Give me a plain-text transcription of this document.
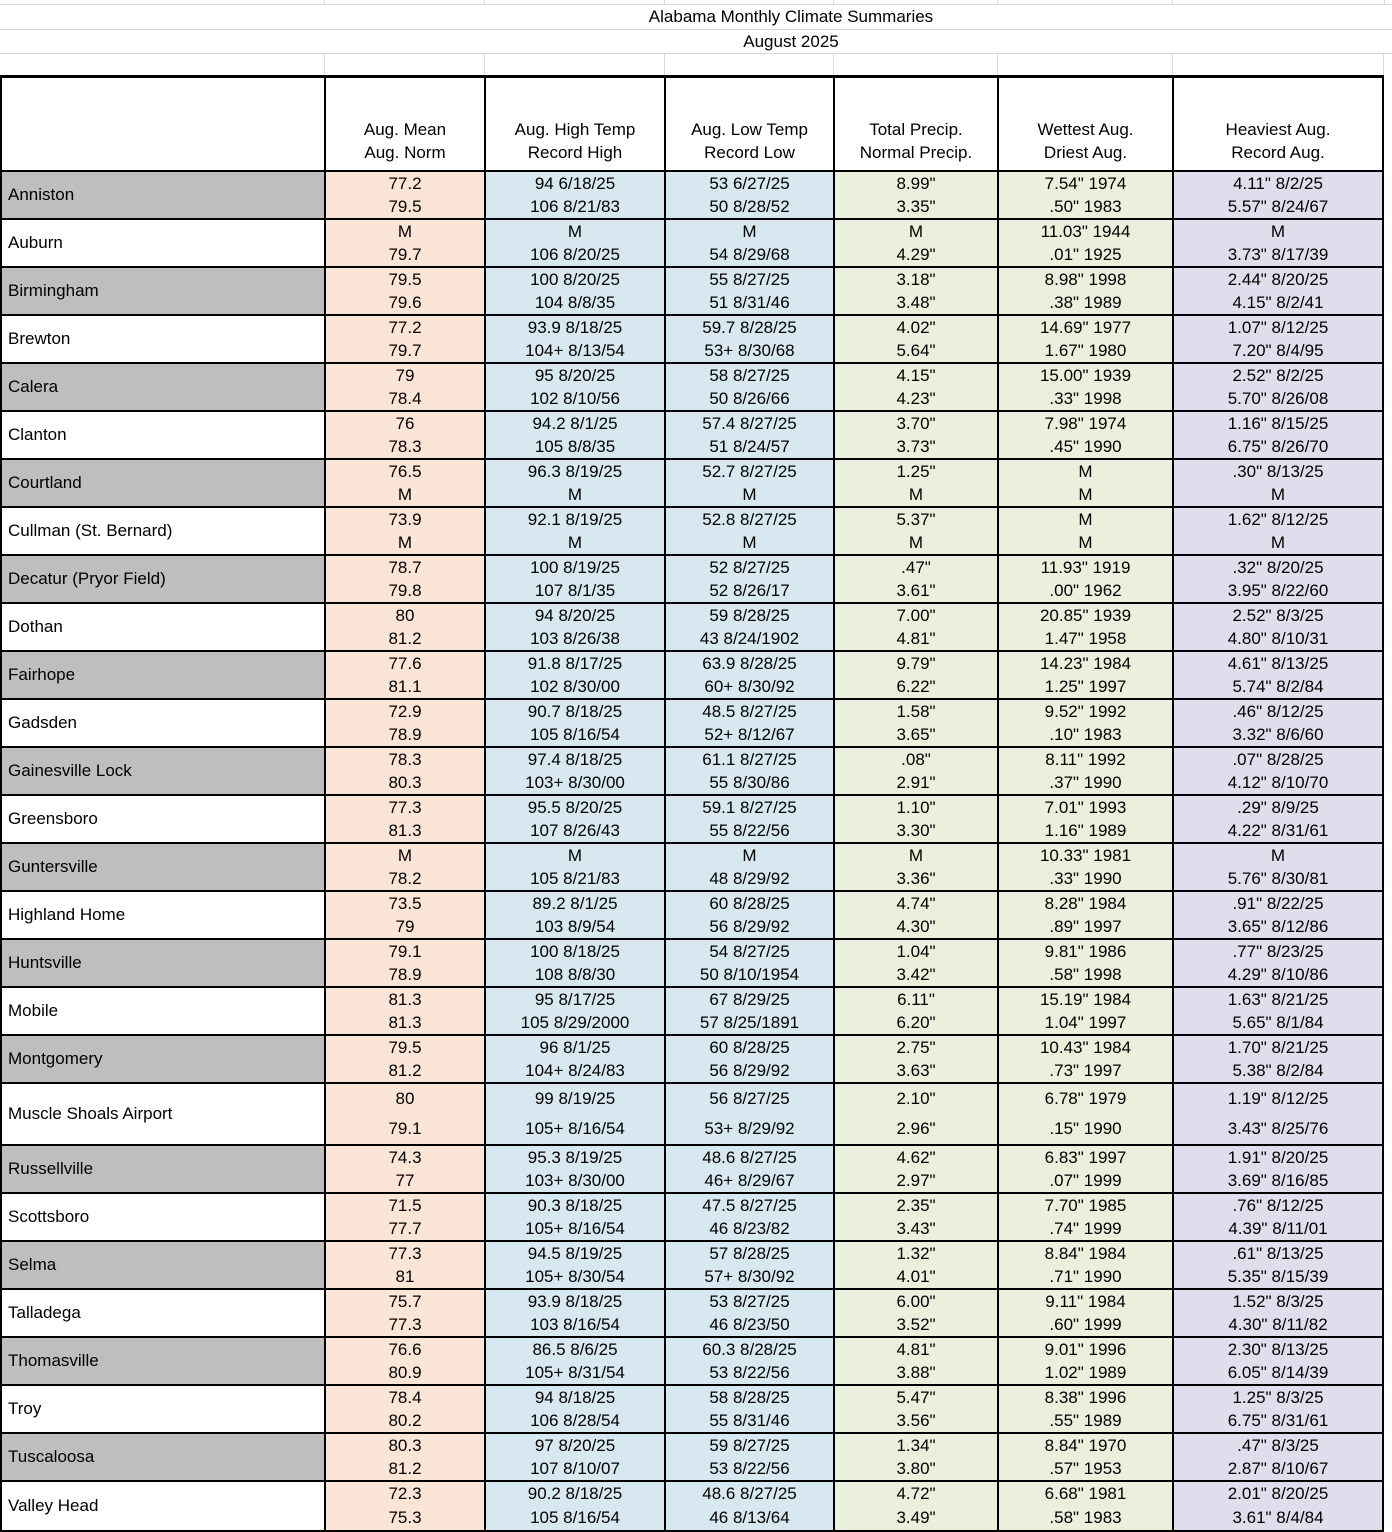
Alabama Monthly Climate Summaries
August 2025
Aug. Mean
Aug. Norm
Aug. High Temp
Record High
Aug. Low Temp
Record Low
Total Precip.
Normal Precip.
Wettest Aug.
Driest Aug.
Heaviest Aug.
Record Aug.
Anniston
77.2
79.5
94 6/18/25
106 8/21/83
53 6/27/25
50 8/28/52
8.99"
3.35"
7.54" 1974
.50" 1983
4.11" 8/2/25
5.57" 8/24/67
Auburn
M
79.7
M
106 8/20/25
M
54 8/29/68
M
4.29"
11.03" 1944
.01" 1925
M
3.73" 8/17/39
Birmingham
79.5
79.6
100 8/20/25
104 8/8/35
55 8/27/25
51 8/31/46
3.18"
3.48"
8.98" 1998
.38" 1989
2.44" 8/20/25
4.15" 8/2/41
Brewton
77.2
79.7
93.9 8/18/25
104+ 8/13/54
59.7 8/28/25
53+ 8/30/68
4.02"
5.64"
14.69" 1977
1.67" 1980
1.07" 8/12/25
7.20" 8/4/95
Calera
79
78.4
95 8/20/25
102 8/10/56
58 8/27/25
50 8/26/66
4.15"
4.23"
15.00" 1939
.33" 1998
2.52" 8/2/25
5.70" 8/26/08
Clanton
76
78.3
94.2 8/1/25
105 8/8/35
57.4 8/27/25
51 8/24/57
3.70"
3.73"
7.98" 1974
.45" 1990
1.16" 8/15/25
6.75" 8/26/70
Courtland
76.5
M
96.3 8/19/25
M
52.7 8/27/25
M
1.25"
M
M
M
.30" 8/13/25
M
Cullman (St. Bernard)
73.9
M
92.1 8/19/25
M
52.8 8/27/25
M
5.37"
M
M
M
1.62" 8/12/25
M
Decatur (Pryor Field)
78.7
79.8
100 8/19/25
107 8/1/35
52 8/27/25
52 8/26/17
.47"
3.61"
11.93" 1919
.00" 1962
.32" 8/20/25
3.95" 8/22/60
Dothan
80
81.2
94 8/20/25
103 8/26/38
59 8/28/25
43 8/24/1902
7.00"
4.81"
20.85" 1939
1.47" 1958
2.52" 8/3/25
4.80" 8/10/31
Fairhope
77.6
81.1
91.8 8/17/25
102 8/30/00
63.9 8/28/25
60+ 8/30/92
9.79"
6.22"
14.23" 1984
1.25" 1997
4.61" 8/13/25
5.74" 8/2/84
Gadsden
72.9
78.9
90.7 8/18/25
105 8/16/54
48.5 8/27/25
52+ 8/12/67
1.58"
3.65"
9.52" 1992
.10" 1983
.46" 8/12/25
3.32" 8/6/60
Gainesville Lock
78.3
80.3
97.4 8/18/25
103+ 8/30/00
61.1 8/27/25
55 8/30/86
.08"
2.91"
8.11" 1992
.37" 1990
.07" 8/28/25
4.12" 8/10/70
Greensboro
77.3
81.3
95.5 8/20/25
107 8/26/43
59.1 8/27/25
55 8/22/56
1.10"
3.30"
7.01" 1993
1.16" 1989
.29" 8/9/25
4.22" 8/31/61
Guntersville
M
78.2
M
105 8/21/83
M
48 8/29/92
M
3.36"
10.33" 1981
.33" 1990
M
5.76" 8/30/81
Highland Home
73.5
79
89.2 8/1/25
103 8/9/54
60 8/28/25
56 8/29/92
4.74"
4.30"
8.28" 1984
.89" 1997
.91" 8/22/25
3.65" 8/12/86
Huntsville
79.1
78.9
100 8/18/25
108 8/8/30
54 8/27/25
50 8/10/1954
1.04"
3.42"
9.81" 1986
.58" 1998
.77" 8/23/25
4.29" 8/10/86
Mobile
81.3
81.3
95 8/17/25
105 8/29/2000
67 8/29/25
57 8/25/1891
6.11"
6.20"
15.19" 1984
1.04" 1997
1.63" 8/21/25
5.65" 8/1/84
Montgomery
79.5
81.2
96 8/1/25
104+ 8/24/83
60 8/28/25
56 8/29/92
2.75"
3.63"
10.43" 1984
.73" 1997
1.70" 8/21/25
5.38" 8/2/84
Muscle Shoals Airport
80
79.1
99 8/19/25
105+ 8/16/54
56 8/27/25
53+ 8/29/92
2.10"
2.96"
6.78" 1979
.15" 1990
1.19" 8/12/25
3.43" 8/25/76
Russellville
74.3
77
95.3 8/19/25
103+ 8/30/00
48.6 8/27/25
46+ 8/29/67
4.62"
2.97"
6.83" 1997
.07" 1999
1.91" 8/20/25
3.69" 8/16/85
Scottsboro
71.5
77.7
90.3 8/18/25
105+ 8/16/54
47.5 8/27/25
46 8/23/82
2.35"
3.43"
7.70" 1985
.74" 1999
.76" 8/12/25
4.39" 8/11/01
Selma
77.3
81
94.5 8/19/25
105+ 8/30/54
57 8/28/25
57+ 8/30/92
1.32"
4.01"
8.84" 1984
.71" 1990
.61" 8/13/25
5.35" 8/15/39
Talladega
75.7
77.3
93.9 8/18/25
103 8/16/54
53 8/27/25
46 8/23/50
6.00"
3.52"
9.11" 1984
.60" 1999
1.52" 8/3/25
4.30" 8/11/82
Thomasville
76.6
80.9
86.5 8/6/25
105+ 8/31/54
60.3 8/28/25
53 8/22/56
4.81"
3.88"
9.01" 1996
1.02" 1989
2.30" 8/13/25
6.05" 8/14/39
Troy
78.4
80.2
94 8/18/25
106 8/28/54
58 8/28/25
55 8/31/46
5.47"
3.56"
8.38" 1996
.55" 1989
1.25" 8/3/25
6.75" 8/31/61
Tuscaloosa
80.3
81.2
97 8/20/25
107 8/10/07
59 8/27/25
53 8/22/56
1.34"
3.80"
8.84" 1970
.57" 1953
.47" 8/3/25
2.87" 8/10/67
Valley Head
72.3
75.3
90.2 8/18/25
105 8/16/54
48.6 8/27/25
46 8/13/64
4.72"
3.49"
6.68" 1981
.58" 1983
2.01" 8/20/25
3.61" 8/4/84
